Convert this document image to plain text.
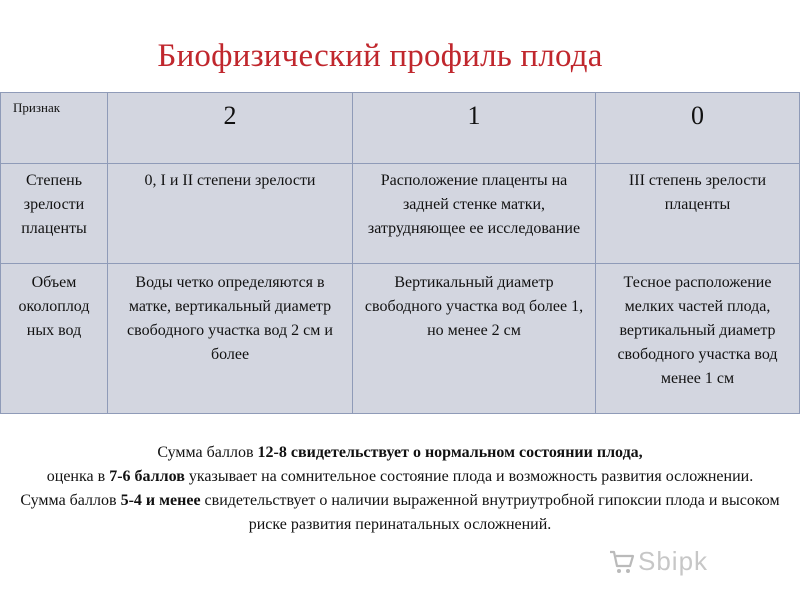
Биофизический профиль плода
Признак	2	1	0
Степень зрелости плаценты	0, I и II степени зрелости	Расположение плаценты на задней стенке матки, затрудняющее ее исследование	III степень зрелости плаценты
Объем околоплод ных вод	Воды четко определяются в матке, вертикальный диаметр свободного участка вод 2 см и более	Вертикальный диаметр свободного участка вод более 1, но менее 2 см	Тесное расположение мелких частей плода, вертикальный диаметр свободного участка вод менее 1 см
Сумма баллов 12-8 свидетельствует о нормальном состоянии плода,
оценка в 7-6 баллов указывает на сомнительное состояние плода и возможность развития осложнении.
Сумма баллов 5-4 и менее свидетельствует о наличии выраженной внутриутробной гипоксии плода и высоком риске развития перинатальных осложнений.
Sbipk
